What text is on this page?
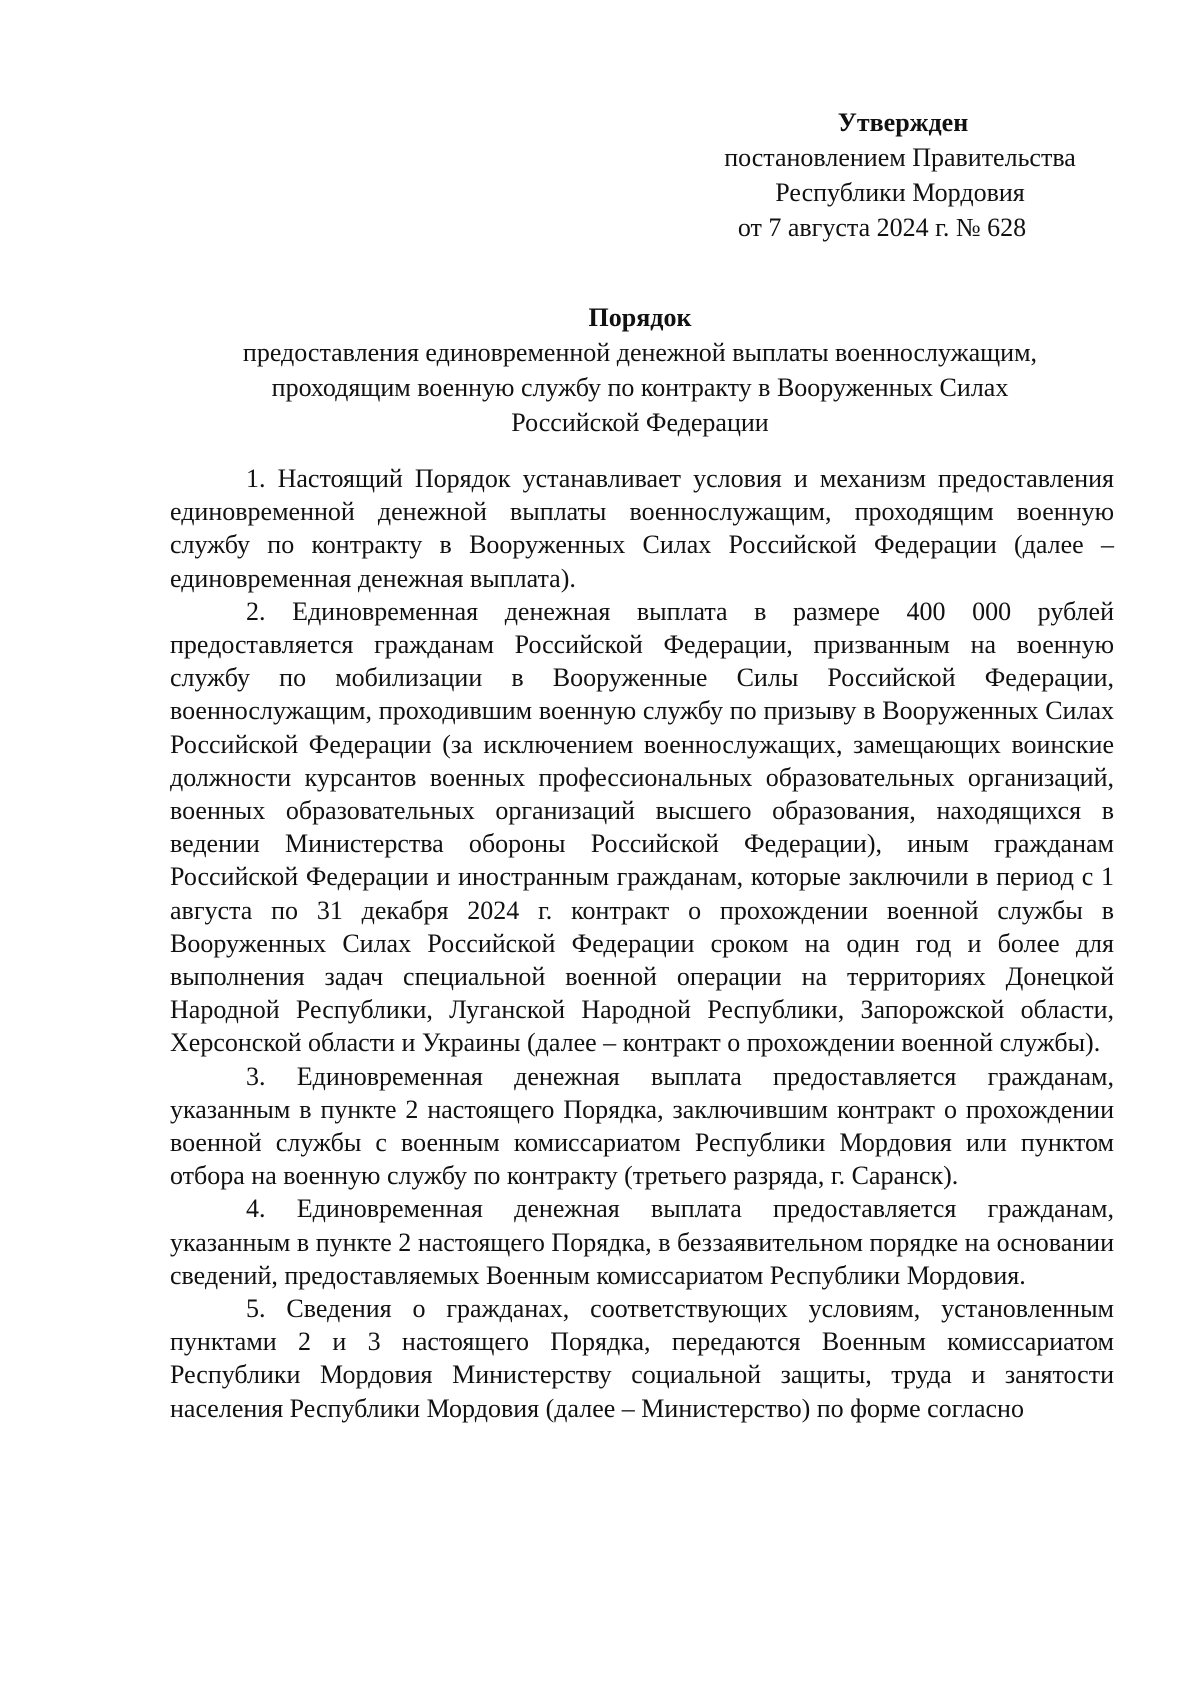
Утвержден
постановлением Правительства
Республики Мордовия
от 7 августа 2024 г. № 628
Порядок
предоставления единовременной денежной выплаты военнослужащим,
проходящим военную службу по контракту в Вооруженных Силах
Российской Федерации

1. Настоящий Порядок устанавливает условия и механизм предоставления единовременной денежной выплаты военнослужащим, проходящим военную службу по контракту в Вооруженных Силах Российской Федерации (далее – единовременная денежная выплата).

2. Единовременная денежная выплата в размере 400 000 рублей предоставляется гражданам Российской Федерации, призванным на военную службу по мобилизации в Вооруженные Силы Российской Федерации, военнослужащим, проходившим военную службу по призыву в Вооруженных Силах Российской Федерации (за исключением военнослужащих, замещающих воинские должности курсантов военных профессиональных образовательных организаций, военных образовательных организаций высшего образования, находящихся в ведении Министерства обороны Российской Федерации), иным гражданам Российской Федерации и иностранным гражданам, которые заключили в период с 1 августа по 31 декабря 2024 г. контракт о прохождении военной службы в Вооруженных Силах Российской Федерации сроком на один год и более для выполнения задач специальной военной операции на территориях Донецкой Народной Республики, Луганской Народной Республики, Запорожской области, Херсонской области и Украины (далее – контракт о прохождении военной службы).

3. Единовременная денежная выплата предоставляется гражданам, указанным в пункте 2 настоящего Порядка, заключившим контракт о прохождении военной службы с военным комиссариатом Республики Мордовия или пунктом отбора на военную службу по контракту (третьего разряда, г. Саранск).

4. Единовременная денежная выплата предоставляется гражданам, указанным в пункте 2 настоящего Порядка, в беззаявительном порядке на основании сведений, предоставляемых Военным комиссариатом Республики Мордовия.

5. Сведения о гражданах, соответствующих условиям, установленным пунктами 2 и 3 настоящего Порядка, передаются Военным комиссариатом Республики Мордовия Министерству социальной защиты, труда и занятости населения Республики Мордовия (далее – Министерство) по форме согласно
